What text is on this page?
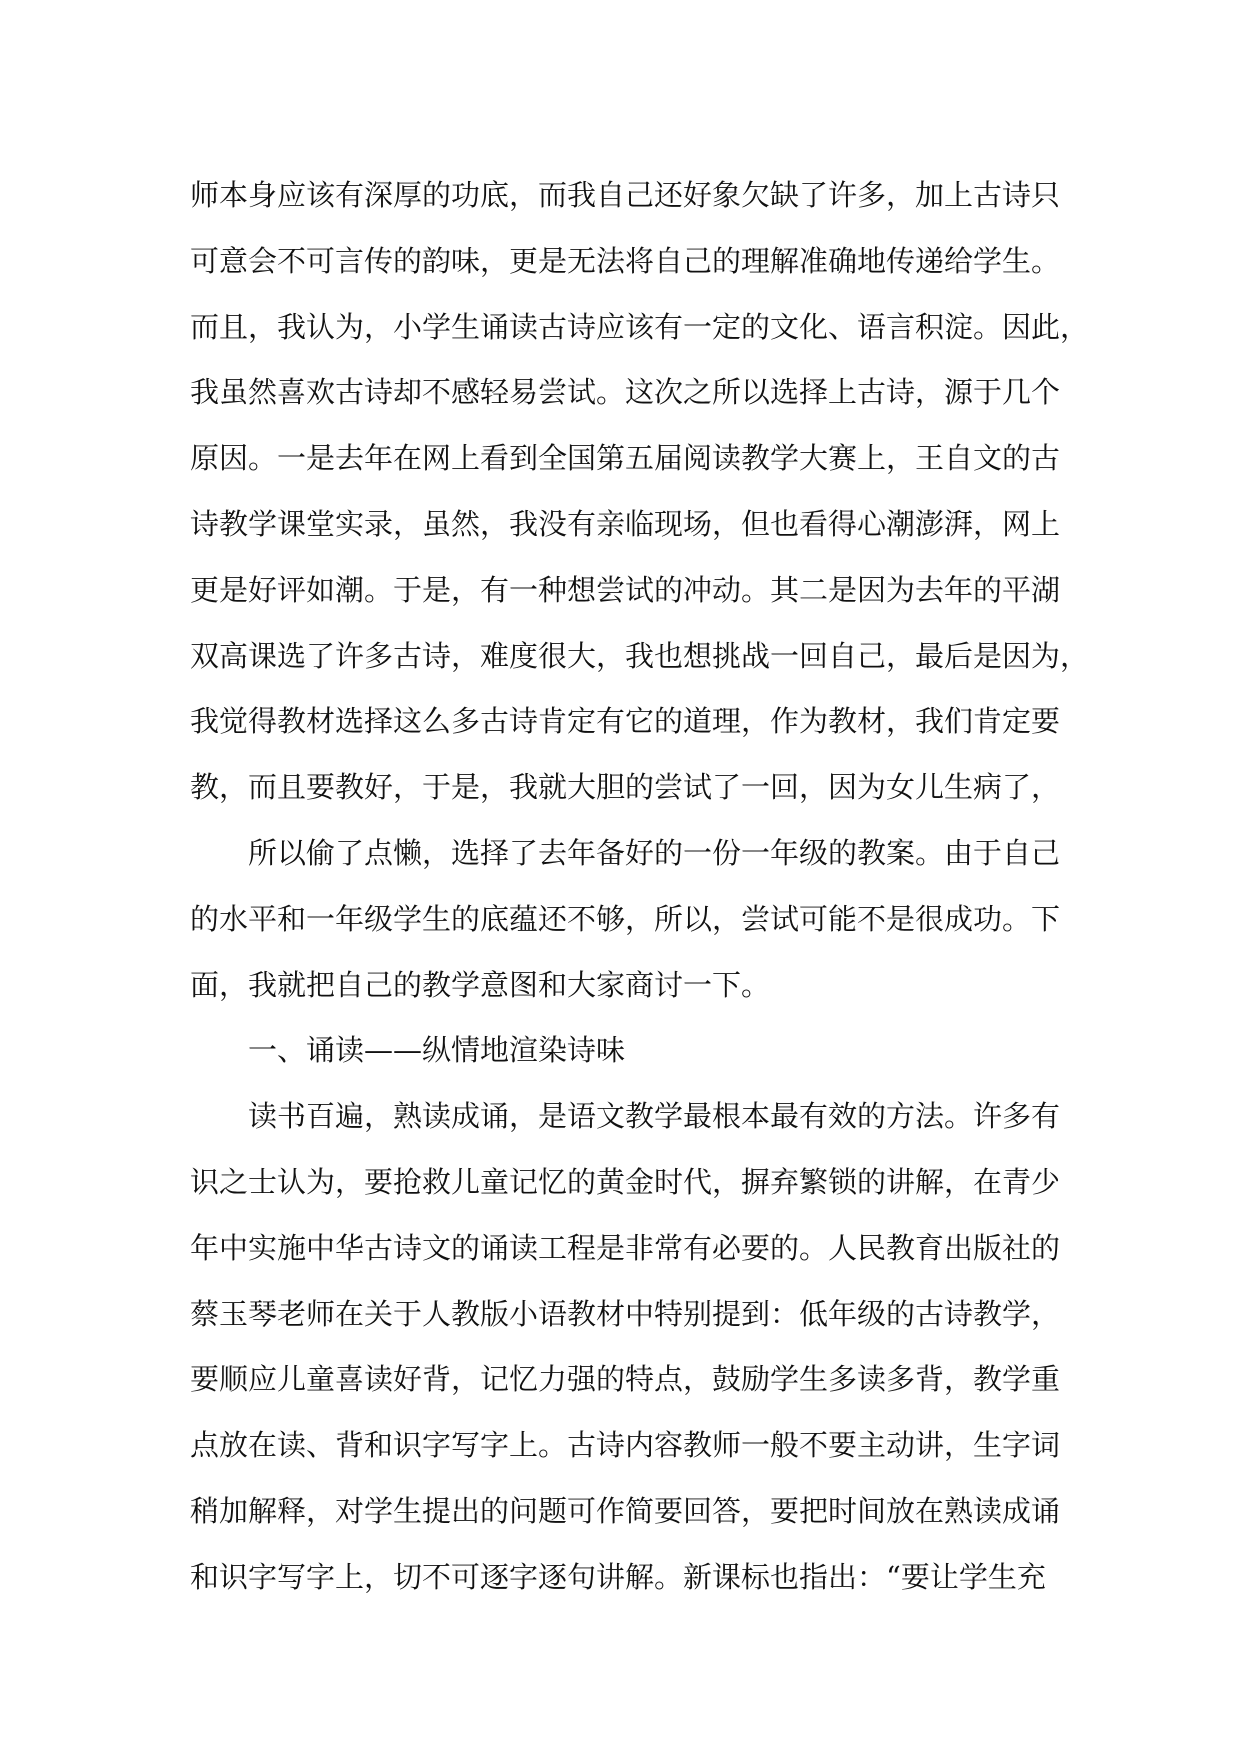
师本身应该有深厚的功底，而我自己还好象欠缺了许多，加上古诗只
可意会不可言传的韵味，更是无法将自己的理解准确地传递给学生。
而且，我认为，小学生诵读古诗应该有一定的文化、语言积淀。因此，
我虽然喜欢古诗却不感轻易尝试。这次之所以选择上古诗，源于几个
原因。一是去年在网上看到全国第五届阅读教学大赛上，王自文的古
诗教学课堂实录，虽然，我没有亲临现场，但也看得心潮澎湃，网上
更是好评如潮。于是，有一种想尝试的冲动。其二是因为去年的平湖
双高课选了许多古诗，难度很大，我也想挑战一回自己，最后是因为，
我觉得教材选择这么多古诗肯定有它的道理，作为教材，我们肯定要
教，而且要教好，于是，我就大胆的尝试了一回，因为女儿生病了，
所以偷了点懒，选择了去年备好的一份一年级的教案。由于自己
的水平和一年级学生的底蕴还不够，所以，尝试可能不是很成功。下
面，我就把自己的教学意图和大家商讨一下。
一、诵读——纵情地渲染诗味
读书百遍，熟读成诵，是语文教学最根本最有效的方法。许多有
识之士认为，要抢救儿童记忆的黄金时代，摒弃繁锁的讲解，在青少
年中实施中华古诗文的诵读工程是非常有必要的。人民教育出版社的
蔡玉琴老师在关于人教版小语教材中特别提到：低年级的古诗教学，
要顺应儿童喜读好背，记忆力强的特点，鼓励学生多读多背，教学重
点放在读、背和识字写字上。古诗内容教师一般不要主动讲，生字词
稍加解释，对学生提出的问题可作简要回答，要把时间放在熟读成诵
和识字写字上，切不可逐字逐句讲解。新课标也指出：“要让学生充
